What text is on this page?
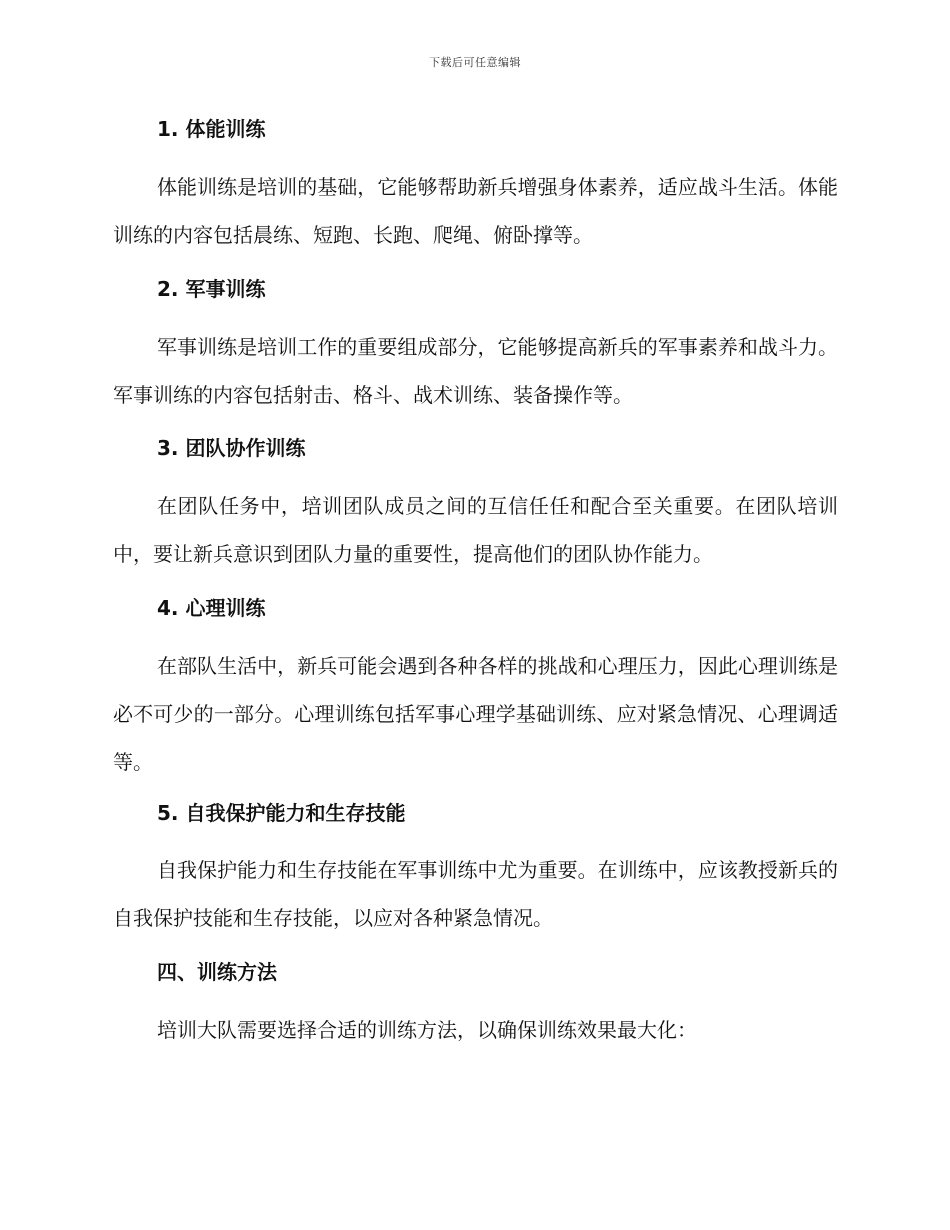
下载后可任意编辑
1. 体能训练
体能训练是培训的基础，它能够帮助新兵增强身体素养，适应战斗生活。体能训练的内容包括晨练、短跑、长跑、爬绳、俯卧撑等。
2. 军事训练
军事训练是培训工作的重要组成部分，它能够提高新兵的军事素养和战斗力。军事训练的内容包括射击、格斗、战术训练、装备操作等。
3. 团队协作训练
在团队任务中，培训团队成员之间的互信任任和配合至关重要。在团队培训中，要让新兵意识到团队力量的重要性，提高他们的团队协作能力。
4. 心理训练
在部队生活中，新兵可能会遇到各种各样的挑战和心理压力，因此心理训练是必不可少的一部分。心理训练包括军事心理学基础训练、应对紧急情况、心理调适等。
5. 自我保护能力和生存技能
自我保护能力和生存技能在军事训练中尤为重要。在训练中，应该教授新兵的自我保护技能和生存技能，以应对各种紧急情况。
四、训练方法
培训大队需要选择合适的训练方法，以确保训练效果最大化：
